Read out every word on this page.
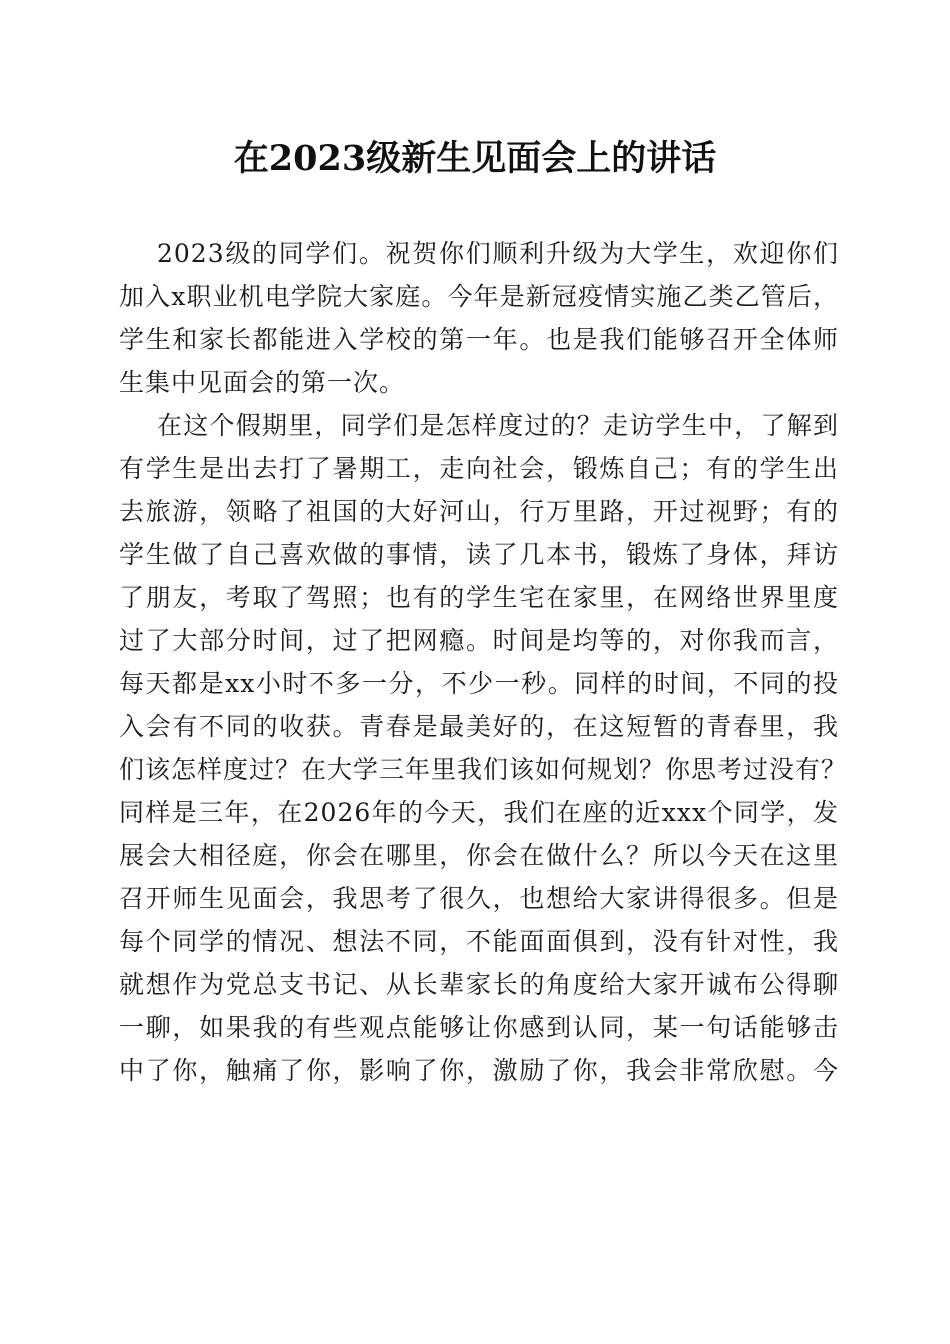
在2023级新生见面会上的讲话
2023级的同学们。祝贺你们顺利升级为大学生，欢迎你们
加入x职业机电学院大家庭。今年是新冠疫情实施乙类乙管后，
学生和家长都能进入学校的第一年。也是我们能够召开全体师
生集中见面会的第一次。
在这个假期里，同学们是怎样度过的？走访学生中，了解到
有学生是出去打了暑期工，走向社会，锻炼自己；有的学生出
去旅游，领略了祖国的大好河山，行万里路，开过视野；有的
学生做了自己喜欢做的事情，读了几本书，锻炼了身体，拜访
了朋友，考取了驾照；也有的学生宅在家里，在网络世界里度
过了大部分时间，过了把网瘾。时间是均等的，对你我而言，
每天都是xx小时不多一分，不少一秒。同样的时间，不同的投
入会有不同的收获。青春是最美好的，在这短暂的青春里，我
们该怎样度过？在大学三年里我们该如何规划？你思考过没有？
同样是三年，在2026年的今天，我们在座的近xxx个同学，发
展会大相径庭，你会在哪里，你会在做什么？所以今天在这里
召开师生见面会，我思考了很久，也想给大家讲得很多。但是
每个同学的情况、想法不同，不能面面俱到，没有针对性，我
就想作为党总支书记、从长辈家长的角度给大家开诚布公得聊
一聊，如果我的有些观点能够让你感到认同，某一句话能够击
中了你，触痛了你，影响了你，激励了你，我会非常欣慰。今
